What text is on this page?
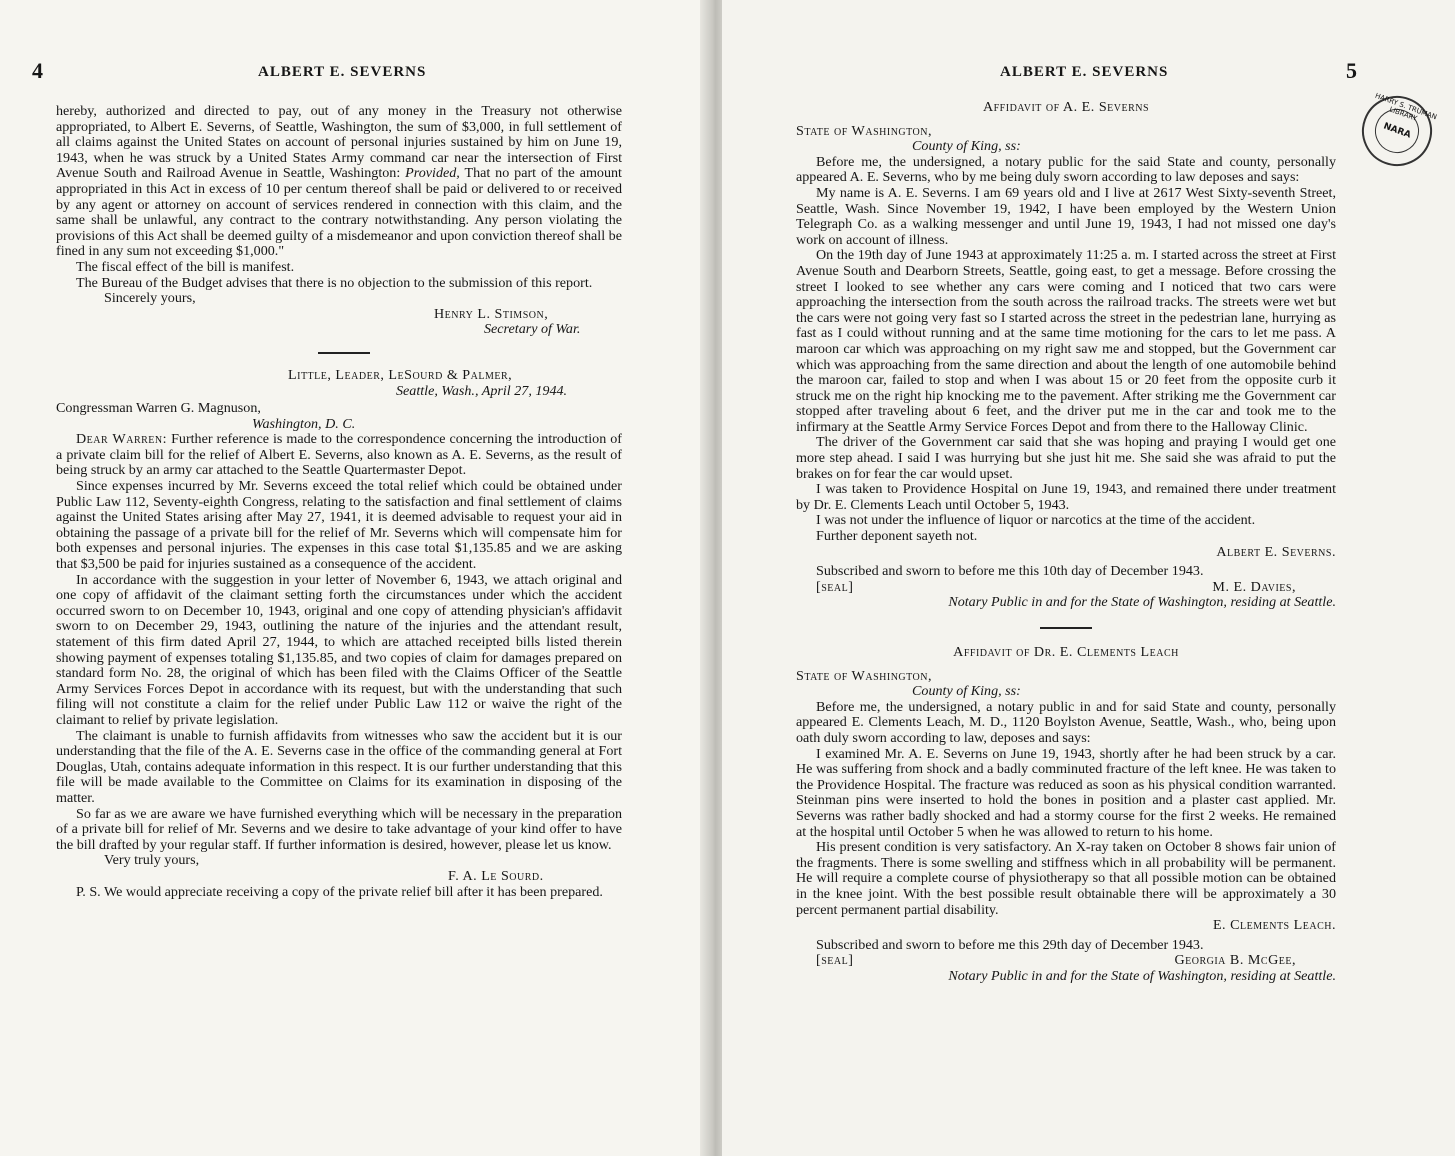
4	ALBERT E. SEVERNS

hereby, authorized and directed to pay, out of any money in the Treasury not otherwise appropriated, to Albert E. Severns, of Seattle, Washington, the sum of $3,000, in full settlement of all claims against the United States on account of personal injuries sustained by him on June 19, 1943, when he was struck by a United States Army command car near the intersection of First Avenue South and Railroad Avenue in Seattle, Washington: Provided, That no part of the amount appropriated in this Act in excess of 10 per centum thereof shall be paid or delivered to or received by any agent or attorney on account of services rendered in connection with this claim, and the same shall be unlawful, any contract to the contrary notwithstanding. Any person violating the provisions of this Act shall be deemed guilty of a misdemeanor and upon conviction thereof shall be fined in any sum not exceeding $1,000."

The fiscal effect of the bill is manifest.

The Bureau of the Budget advises that there is no objection to the submission of this report.

Sincerely yours,

Henry L. Stimson,

Secretary of War.

Little, Leader, LeSourd & Palmer,

Seattle, Wash., April 27, 1944.

Congressman Warren G. Magnuson,

Washington, D. C.

Dear Warren: Further reference is made to the correspondence concerning the introduction of a private claim bill for the relief of Albert E. Severns, also known as A. E. Severns, as the result of being struck by an army car attached to the Seattle Quartermaster Depot.

Since expenses incurred by Mr. Severns exceed the total relief which could be obtained under Public Law 112, Seventy-eighth Congress, relating to the satisfaction and final settlement of claims against the United States arising after May 27, 1941, it is deemed advisable to request your aid in obtaining the passage of a private bill for the relief of Mr. Severns which will compensate him for both expenses and personal injuries. The expenses in this case total $1,135.85 and we are asking that $3,500 be paid for injuries sustained as a consequence of the accident.

In accordance with the suggestion in your letter of November 6, 1943, we attach original and one copy of affidavit of the claimant setting forth the circumstances under which the accident occurred sworn to on December 10, 1943, original and one copy of attending physician's affidavit sworn to on December 29, 1943, outlining the nature of the injuries and the attendant result, statement of this firm dated April 27, 1944, to which are attached receipted bills listed therein showing payment of expenses totaling $1,135.85, and two copies of claim for damages prepared on standard form No. 28, the original of which has been filed with the Claims Officer of the Seattle Army Services Forces Depot in accordance with its request, but with the understanding that such filing will not constitute a claim for the relief under Public Law 112 or waive the right of the claimant to relief by private legislation.

The claimant is unable to furnish affidavits from witnesses who saw the accident but it is our understanding that the file of the A. E. Severns case in the office of the commanding general at Fort Douglas, Utah, contains adequate information in this respect. It is our further understanding that this file will be made available to the Committee on Claims for its examination in disposing of the matter.

So far as we are aware we have furnished everything which will be necessary in the preparation of a private bill for relief of Mr. Severns and we desire to take advantage of your kind offer to have the bill drafted by your regular staff. If further information is desired, however, please let us know.

Very truly yours,

F. A. Le Sourd.

P. S. We would appreciate receiving a copy of the private relief bill after it has been prepared.

ALBERT E. SEVERNS	5
HARRY S. TRUMAN LIBRARY
NARA

Affidavit of A. E. Severns

State of Washington,

County of King, ss:

Before me, the undersigned, a notary public for the said State and county, personally appeared A. E. Severns, who by me being duly sworn according to law deposes and says:

My name is A. E. Severns. I am 69 years old and I live at 2617 West Sixty-seventh Street, Seattle, Wash. Since November 19, 1942, I have been employed by the Western Union Telegraph Co. as a walking messenger and until June 19, 1943, I had not missed one day's work on account of illness.

On the 19th day of June 1943 at approximately 11:25 a. m. I started across the street at First Avenue South and Dearborn Streets, Seattle, going east, to get a message. Before crossing the street I looked to see whether any cars were coming and I noticed that two cars were approaching the intersection from the south across the railroad tracks. The streets were wet but the cars were not going very fast so I started across the street in the pedestrian lane, hurrying as fast as I could without running and at the same time motioning for the cars to let me pass. A maroon car which was approaching on my right saw me and stopped, but the Government car which was approaching from the same direction and about the length of one automobile behind the maroon car, failed to stop and when I was about 15 or 20 feet from the opposite curb it struck me on the right hip knocking me to the pavement. After striking me the Government car stopped after traveling about 6 feet, and the driver put me in the car and took me to the infirmary at the Seattle Army Service Forces Depot and from there to the Halloway Clinic.

The driver of the Government car said that she was hoping and praying I would get one more step ahead. I said I was hurrying but she just hit me. She said she was afraid to put the brakes on for fear the car would upset.

I was taken to Providence Hospital on June 19, 1943, and remained there under treatment by Dr. E. Clements Leach until October 5, 1943.

I was not under the influence of liquor or narcotics at the time of the accident.

Further deponent sayeth not.

Albert E. Severns.

Subscribed and sworn to before me this 10th day of December 1943.

[seal]	M. E. Davies,

Notary Public in and for the State of Washington, residing at Seattle.

Affidavit of Dr. E. Clements Leach

State of Washington,

County of King, ss:

Before me, the undersigned, a notary public in and for said State and county, personally appeared E. Clements Leach, M. D., 1120 Boylston Avenue, Seattle, Wash., who, being upon oath duly sworn according to law, deposes and says:

I examined Mr. A. E. Severns on June 19, 1943, shortly after he had been struck by a car. He was suffering from shock and a badly comminuted fracture of the left knee. He was taken to the Providence Hospital. The fracture was reduced as soon as his physical condition warranted. Steinman pins were inserted to hold the bones in position and a plaster cast applied. Mr. Severns was rather badly shocked and had a stormy course for the first 2 weeks. He remained at the hospital until October 5 when he was allowed to return to his home.

His present condition is very satisfactory. An X-ray taken on October 8 shows fair union of the fragments. There is some swelling and stiffness which in all probability will be permanent. He will require a complete course of physiotherapy so that all possible motion can be obtained in the knee joint. With the best possible result obtainable there will be approximately a 30 percent permanent partial disability.

E. Clements Leach.

Subscribed and sworn to before me this 29th day of December 1943.

[seal]	Georgia B. McGee,

Notary Public in and for the State of Washington, residing at Seattle.
